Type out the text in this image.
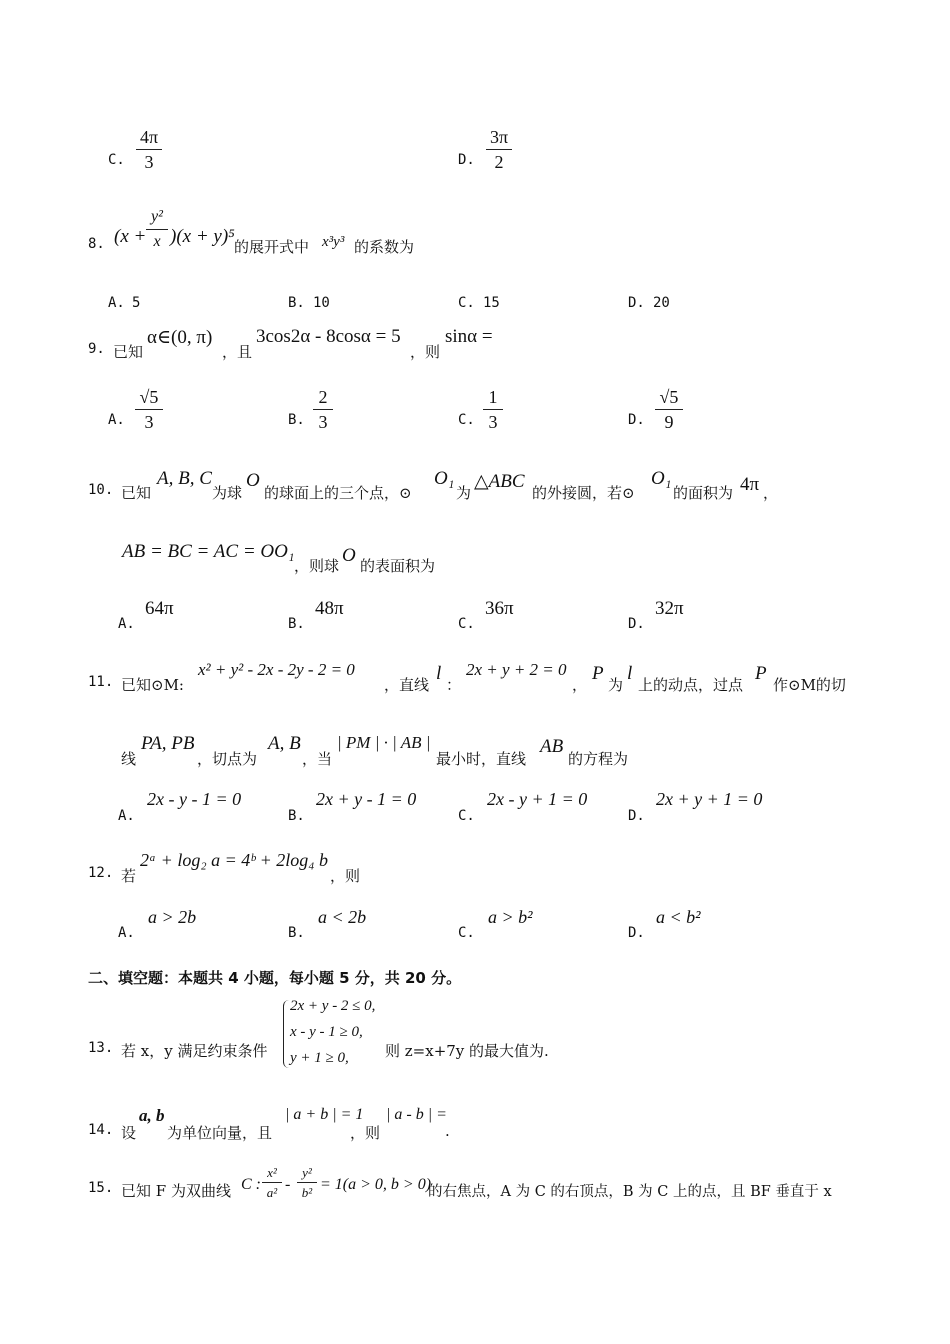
C.
4π
3	D.
3π
2
8. (x +
y²
x )(x + y)⁵ 的展开式中 x³y³ 的系数为
A. 5	B. 10	C. 15	D. 20
9. 已知
α∈(0, π)
，且
3cos2α - 8cosα = 5
，则
sinα =
A.
√5
3	B.
2
3	C.
1
3	D.
√5
9
10. 已知
A, B, C
为球
O
的球面上的三个点，⊙
O₁
为
△ABC
的外接圆，若⊙
O₁
的面积为 4π ，
AB = BC = AC = OO₁
，则球 O 的表面积为
A.
64π
B.
48π
C.
36π
D.
32π
11. 已知⊙M:
x² + y² - 2x - 2y - 2 = 0
，直线
l
：
2x + y + 2 = 0
，
P
为
l
上的动点，过点
P
作⊙M的切
线
PA, PB
，切点为
A, B
，当
| PM | · | AB |
最小时，直线
AB
的方程为
A.
2x - y - 1 = 0
B.
2x + y - 1 = 0
C.
2x - y + 1 = 0
D.
2x + y + 1 = 0
12. 若
2ᵃ + log₂ a = 4ᵇ + 2log₄ b
，则
A.
a > 2b
B.
a < 2b
C.
a > b²
D.
a < b²
二、填空题：本题共 4 小题，每小题 5 分，共 20 分。
13. 若 x，y 满足约束条件
2x + y - 2 ≤ 0,
x - y - 1 ≥ 0,
y + 1 ≥ 0, 则 z=x+7y 的最大值为.
14. 设
a, b
为单位向量，且
| a + b | = 1
，则
| a - b | =
.
15. 已知 F 为双曲线 C :
x²
a² -
y²
b² = 1(a > 0, b > 0)
的右焦点，A 为 C 的右顶点，B 为 C 上的点，且 BF 垂直于 x
